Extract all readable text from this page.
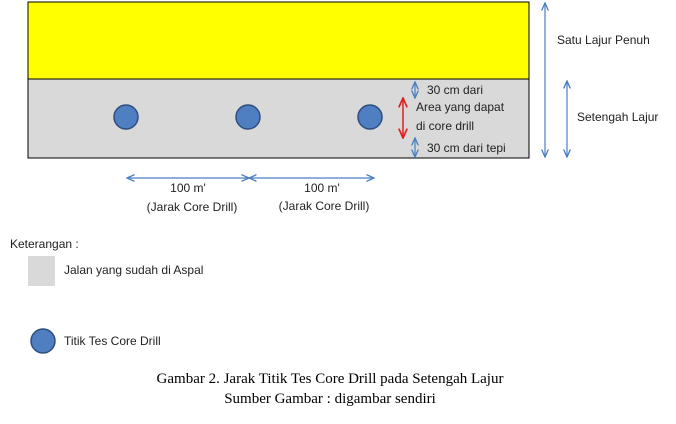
30 cm dari
Area yang dapat
di core drill
30 cm dari tepi
Satu Lajur Penuh
Setengah Lajur
100 m'
(Jarak Core Drill)
100 m'
(Jarak Core Drill)
Keterangan :
Jalan yang sudah di Aspal
Titik Tes Core Drill
Gambar 2. Jarak Titik Tes Core Drill pada Setengah Lajur
Sumber Gambar : digambar sendiri
